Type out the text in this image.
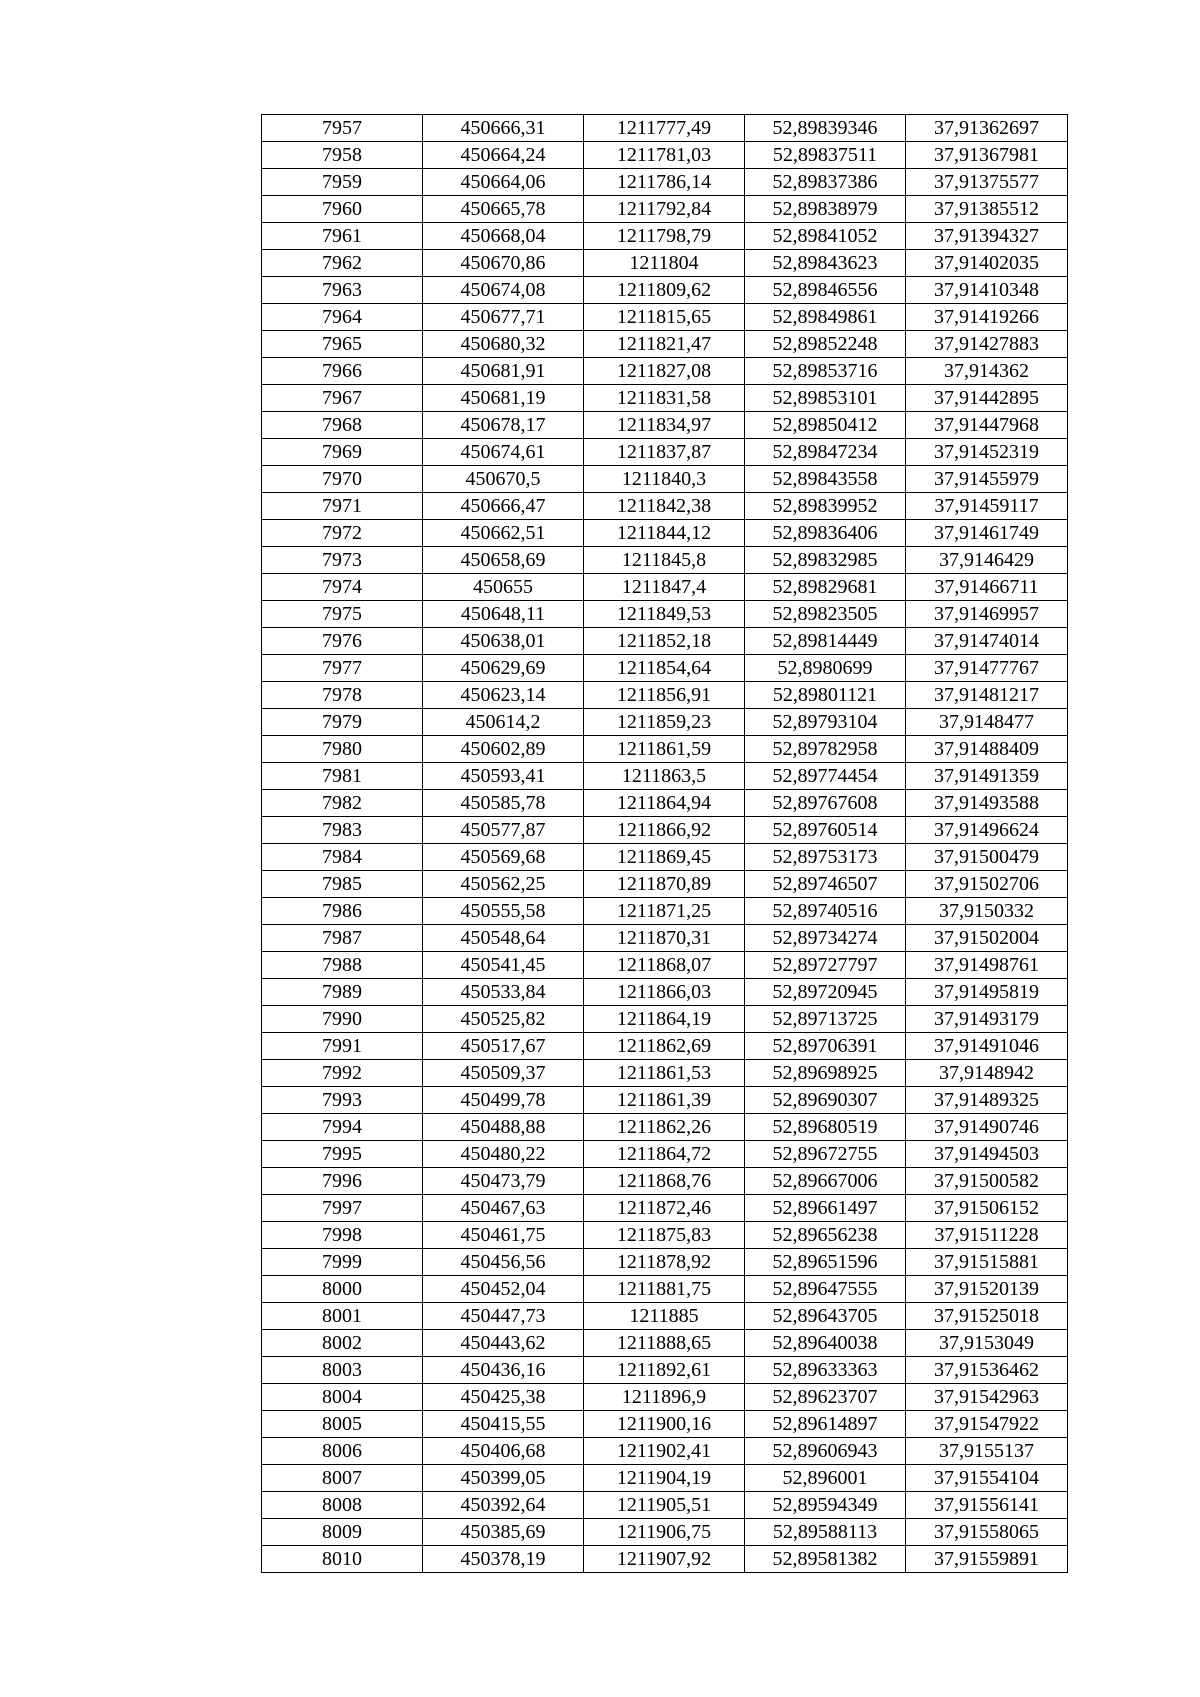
7957	450666,31	1211777,49	52,89839346	37,91362697
7958	450664,24	1211781,03	52,89837511	37,91367981
7959	450664,06	1211786,14	52,89837386	37,91375577
7960	450665,78	1211792,84	52,89838979	37,91385512
7961	450668,04	1211798,79	52,89841052	37,91394327
7962	450670,86	1211804	52,89843623	37,91402035
7963	450674,08	1211809,62	52,89846556	37,91410348
7964	450677,71	1211815,65	52,89849861	37,91419266
7965	450680,32	1211821,47	52,89852248	37,91427883
7966	450681,91	1211827,08	52,89853716	37,914362
7967	450681,19	1211831,58	52,89853101	37,91442895
7968	450678,17	1211834,97	52,89850412	37,91447968
7969	450674,61	1211837,87	52,89847234	37,91452319
7970	450670,5	1211840,3	52,89843558	37,91455979
7971	450666,47	1211842,38	52,89839952	37,91459117
7972	450662,51	1211844,12	52,89836406	37,91461749
7973	450658,69	1211845,8	52,89832985	37,9146429
7974	450655	1211847,4	52,89829681	37,91466711
7975	450648,11	1211849,53	52,89823505	37,91469957
7976	450638,01	1211852,18	52,89814449	37,91474014
7977	450629,69	1211854,64	52,8980699	37,91477767
7978	450623,14	1211856,91	52,89801121	37,91481217
7979	450614,2	1211859,23	52,89793104	37,9148477
7980	450602,89	1211861,59	52,89782958	37,91488409
7981	450593,41	1211863,5	52,89774454	37,91491359
7982	450585,78	1211864,94	52,89767608	37,91493588
7983	450577,87	1211866,92	52,89760514	37,91496624
7984	450569,68	1211869,45	52,89753173	37,91500479
7985	450562,25	1211870,89	52,89746507	37,91502706
7986	450555,58	1211871,25	52,89740516	37,9150332
7987	450548,64	1211870,31	52,89734274	37,91502004
7988	450541,45	1211868,07	52,89727797	37,91498761
7989	450533,84	1211866,03	52,89720945	37,91495819
7990	450525,82	1211864,19	52,89713725	37,91493179
7991	450517,67	1211862,69	52,89706391	37,91491046
7992	450509,37	1211861,53	52,89698925	37,9148942
7993	450499,78	1211861,39	52,89690307	37,91489325
7994	450488,88	1211862,26	52,89680519	37,91490746
7995	450480,22	1211864,72	52,89672755	37,91494503
7996	450473,79	1211868,76	52,89667006	37,91500582
7997	450467,63	1211872,46	52,89661497	37,91506152
7998	450461,75	1211875,83	52,89656238	37,91511228
7999	450456,56	1211878,92	52,89651596	37,91515881
8000	450452,04	1211881,75	52,89647555	37,91520139
8001	450447,73	1211885	52,89643705	37,91525018
8002	450443,62	1211888,65	52,89640038	37,9153049
8003	450436,16	1211892,61	52,89633363	37,91536462
8004	450425,38	1211896,9	52,89623707	37,91542963
8005	450415,55	1211900,16	52,89614897	37,91547922
8006	450406,68	1211902,41	52,89606943	37,9155137
8007	450399,05	1211904,19	52,896001	37,91554104
8008	450392,64	1211905,51	52,89594349	37,91556141
8009	450385,69	1211906,75	52,89588113	37,91558065
8010	450378,19	1211907,92	52,89581382	37,91559891
